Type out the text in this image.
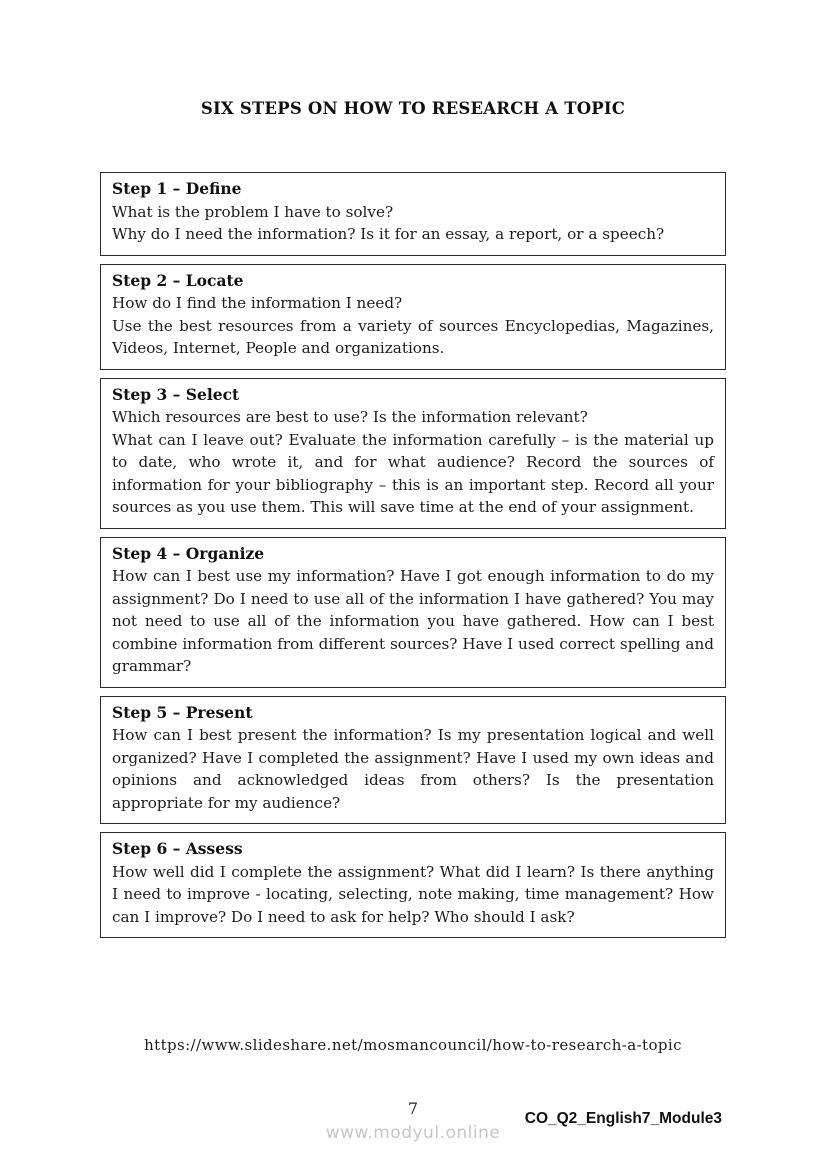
SIX STEPS ON HOW TO RESEARCH A TOPIC
Step 1 – Define

What is the problem I have to solve?

Why do I need the information? Is it for an essay, a report, or a speech?

Step 2 – Locate

How do I find the information I need?

Use the best resources from a variety of sources Encyclopedias, Magazines, Videos, Internet, People and organizations.

Step 3 – Select

Which resources are best to use? Is the information relevant?

What can I leave out? Evaluate the information carefully – is the material up to date, who wrote it, and for what audience? Record the sources of information for your bibliography – this is an important step. Record all your sources as you use them. This will save time at the end of your assignment.

Step 4 – Organize

How can I best use my information? Have I got enough information to do my assignment? Do I need to use all of the information I have gathered? You may not need to use all of the information you have gathered. How can I best combine information from different sources? Have I used correct spelling and grammar?

Step 5 – Present

How can I best present the information? Is my presentation logical and well organized? Have I completed the assignment? Have I used my own ideas and opinions and acknowledged ideas from others? Is the presentation appropriate for my audience?

Step 6 – Assess

How well did I complete the assignment? What did I learn? Is there anything I need to improve - locating, selecting, note making, time management? How can I improve? Do I need to ask for help? Who should I ask?

https://www.slideshare.net/mosmancouncil/how-to-research-a-topic
7
www.modyul.online
CO_Q2_English7_Module3
